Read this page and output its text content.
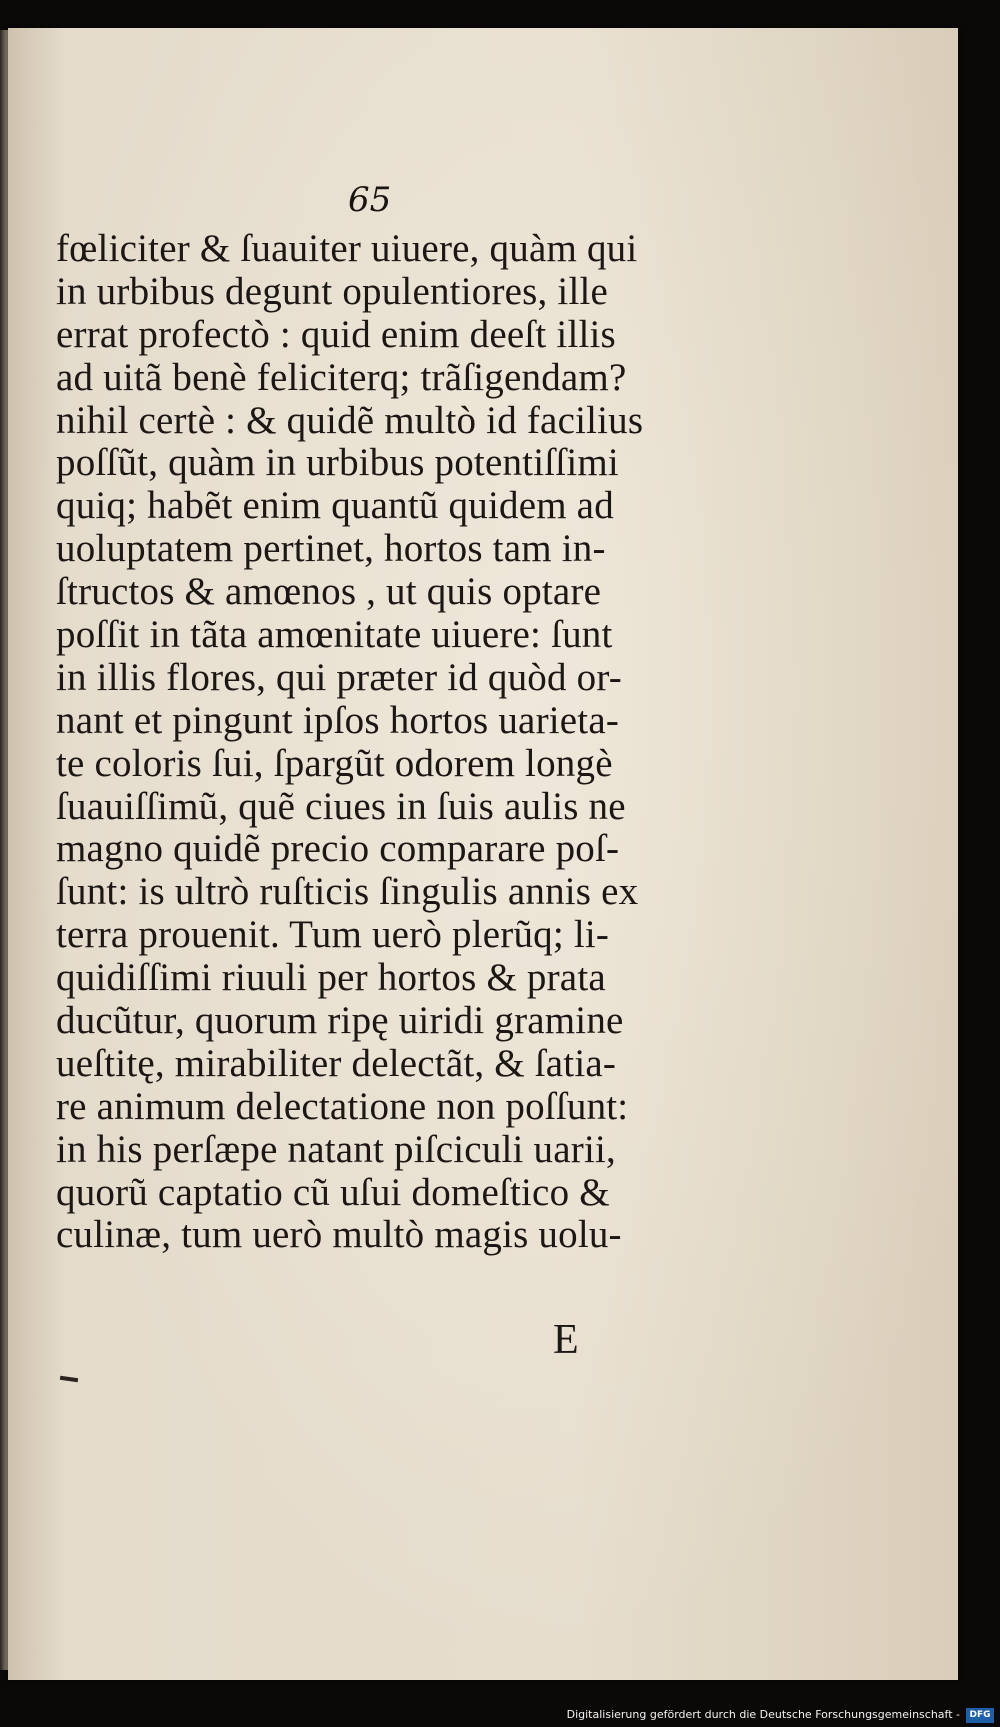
65
fœliciter & ſuauiter uiuere, quàm qui
in urbibus degunt opulentiores, ille
errat profectò : quid enim deeſt illis
ad uitã benè feliciterq; trãſigendam?
nihil certè : & quidẽ multò id facilius
poſſũt, quàm in urbibus potentiſſimi
quiq; habẽt enim quantũ quidem ad
uoluptatem pertinet, hortos tam in-
ſtructos & amœnos , ut quis optare
poſſit in tãta amœnitate uiuere: ſunt
in illis flores, qui præter id quòd or-
nant et pingunt ipſos hortos uarieta-
te coloris ſui, ſpargũt odorem longè
ſuauiſſimũ, quẽ ciues in ſuis aulis ne
magno quidẽ precio comparare poſ-
ſunt: is ultrò ruſticis ſingulis annis ex
terra prouenit. Tum uerò plerũq; li-
quidiſſimi riuuli per hortos & prata
ducũtur, quorum ripę uiridi gramine
ueſtitę, mirabiliter delectãt, & ſatia-
re animum delectatione non poſſunt:
in his perſæpe natant piſciculi uarii,
quorũ captatio cũ uſui domeſtico &
culinæ, tum uerò multò magis uolu-
E
Digitalisierung gefördert durch die Deutsche Forschungsgemeinschaft -	DFG
